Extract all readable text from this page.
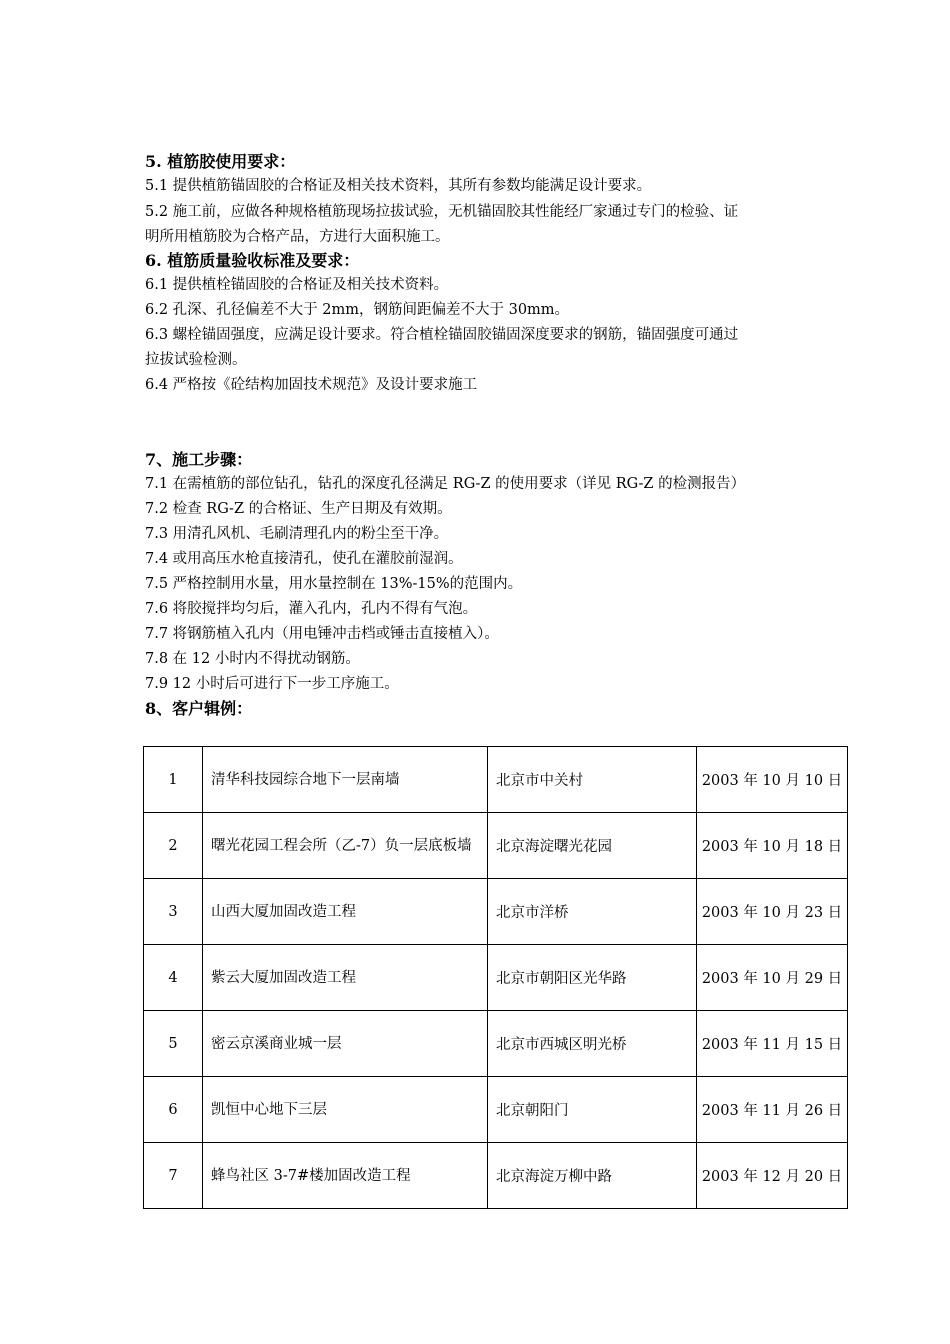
5. 植筋胶使用要求：
5.1 提供植筋锚固胶的合格证及相关技术资料，其所有参数均能满足设计要求。
5.2 施工前，应做各种规格植筋现场拉拔试验，无机锚固胶其性能经厂家通过专门的检验、证
明所用植筋胶为合格产品，方进行大面积施工。
6. 植筋质量验收标准及要求：
6.1 提供植栓锚固胶的合格证及相关技术资料。
6.2 孔深、孔径偏差不大于 2mm，钢筋间距偏差不大于 30mm。
6.3 螺栓锚固强度，应满足设计要求。符合植栓锚固胶锚固深度要求的钢筋，锚固强度可通过
拉拔试验检测。
6.4 严格按《砼结构加固技术规范》及设计要求施工
7、施工步骤：
7.1 在需植筋的部位钻孔，钻孔的深度孔径满足 RG-Z 的使用要求（详见 RG-Z 的检测报告）
7.2 检查 RG-Z 的合格证、生产日期及有效期。
7.3 用清孔风机、毛刷清理孔内的粉尘至干净。
7.4 或用高压水枪直接清孔，使孔在灌胶前湿润。
7.5 严格控制用水量，用水量控制在 13%-15%的范围内。
7.6 将胶搅拌均匀后，灌入孔内，孔内不得有气泡。
7.7 将钢筋植入孔内（用电锤冲击档或锤击直接植入）。
7.8 在 12 小时内不得扰动钢筋。
7.9 12 小时后可进行下一步工序施工。
8、客户辑例：
1	清华科技园综合地下一层南墙	北京市中关村	2003 年 10 月 10 日
2	曙光花园工程会所（乙-7）负一层底板墙	北京海淀曙光花园	2003 年 10 月 18 日
3	山西大厦加固改造工程	北京市洋桥	2003 年 10 月 23 日
4	紫云大厦加固改造工程	北京市朝阳区光华路	2003 年 10 月 29 日
5	密云京溪商业城一层	北京市西城区明光桥	2003 年 11 月 15 日
6	凯恒中心地下三层	北京朝阳门	2003 年 11 月 26 日
7	蜂鸟社区 3-7#楼加固改造工程	北京海淀万柳中路	2003 年 12 月 20 日
